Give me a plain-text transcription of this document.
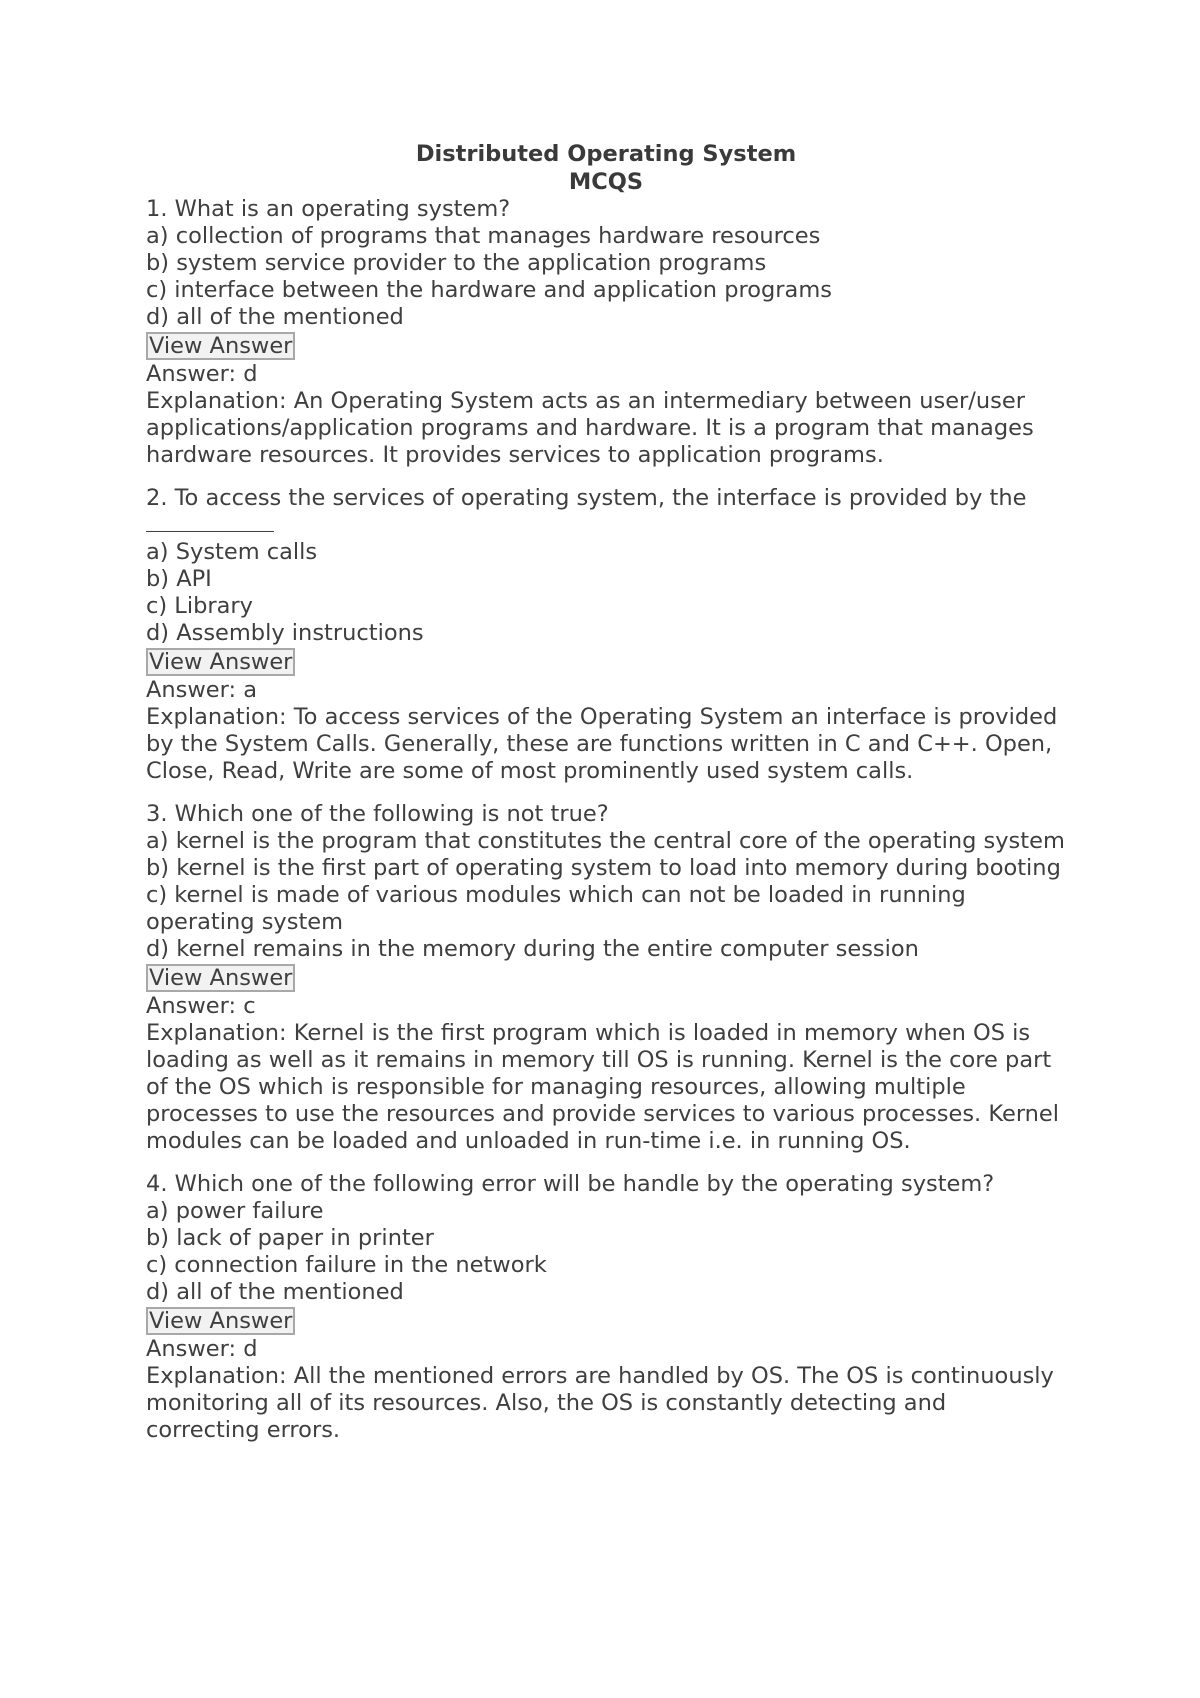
Distributed Operating System
MCQS
1. What is an operating system?
a) collection of programs that manages hardware resources
b) system service provider to the application programs
c) interface between the hardware and application programs
d) all of the mentioned
View Answer
Answer: d
Explanation: An Operating System acts as an intermediary between user/user applications/application programs and hardware. It is a program that manages hardware resources. It provides services to application programs.
2. To access the services of operating system, the interface is provided by the

a) System calls
b) API
c) Library
d) Assembly instructions
View Answer
Answer: a
Explanation: To access services of the Operating System an interface is provided by the System Calls. Generally, these are functions written in C and C++. Open, Close, Read, Write are some of most prominently used system calls.
3. Which one of the following is not true?
a) kernel is the program that constitutes the central core of the operating system
b) kernel is the first part of operating system to load into memory during booting
c) kernel is made of various modules which can not be loaded in running operating system
d) kernel remains in the memory during the entire computer session
View Answer
Answer: c
Explanation: Kernel is the first program which is loaded in memory when OS is loading as well as it remains in memory till OS is running. Kernel is the core part of the OS which is responsible for managing resources, allowing multiple processes to use the resources and provide services to various processes. Kernel modules can be loaded and unloaded in run-time i.e. in running OS.
4. Which one of the following error will be handle by the operating system?
a) power failure
b) lack of paper in printer
c) connection failure in the network
d) all of the mentioned
View Answer
Answer: d
Explanation: All the mentioned errors are handled by OS. The OS is continuously monitoring all of its resources. Also, the OS is constantly detecting and correcting errors.
